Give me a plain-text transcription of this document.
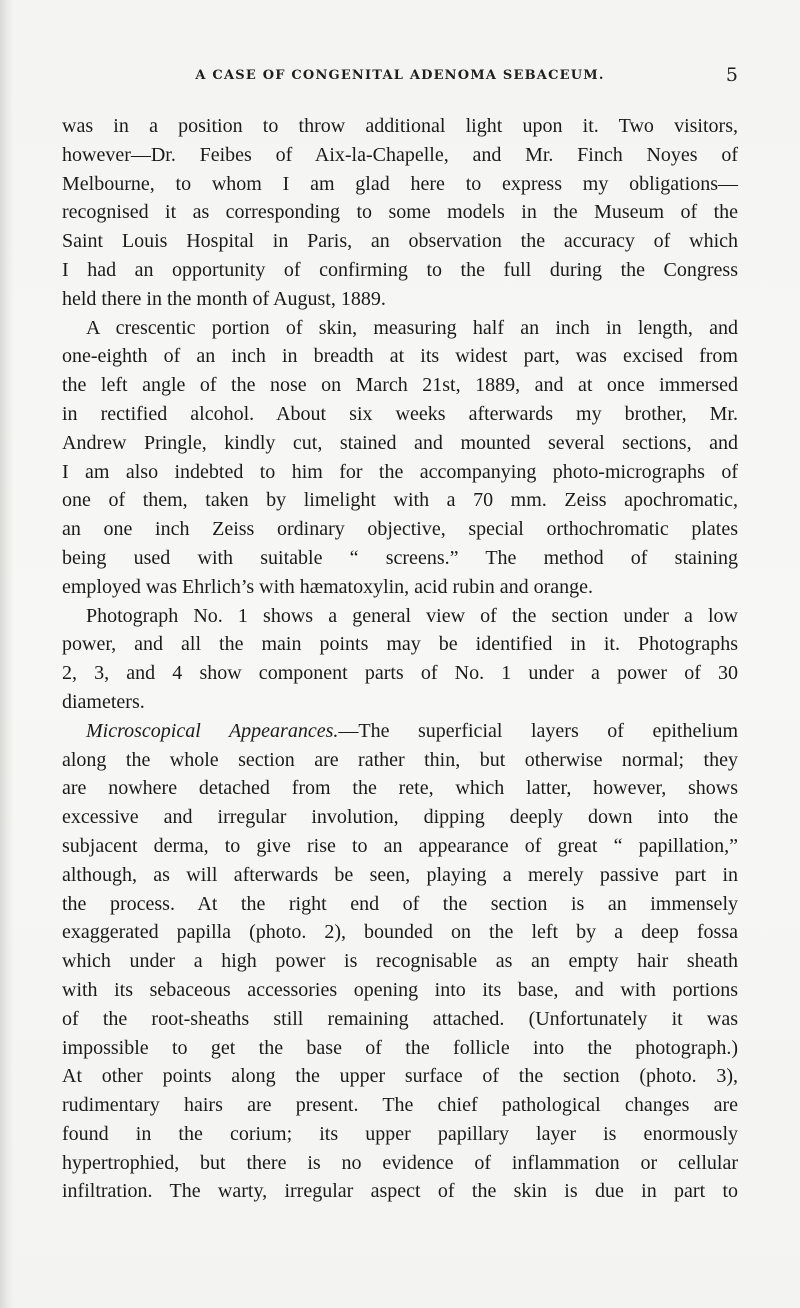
A CASE OF CONGENITAL ADENOMA SEBACEUM.	5
was in a position to throw additional light upon it. Two visitors,
however—Dr. Feibes of Aix-la-Chapelle, and Mr. Finch Noyes of
Melbourne, to whom I am glad here to express my obligations—
recognised it as corresponding to some models in the Museum of the
Saint Louis Hospital in Paris, an observation the accuracy of which
I had an opportunity of confirming to the full during the Congress
held there in the month of August, 1889.
A crescentic portion of skin, measuring half an inch in length, and
one-eighth of an inch in breadth at its widest part, was excised from
the left angle of the nose on March 21st, 1889, and at once immersed
in rectified alcohol. About six weeks afterwards my brother, Mr.
Andrew Pringle, kindly cut, stained and mounted several sections, and
I am also indebted to him for the accompanying photo-micrographs of
one of them, taken by limelight with a 70 mm. Zeiss apochromatic,
an one inch Zeiss ordinary objective, special orthochromatic plates
being used with suitable “ screens.” The method of staining
employed was Ehrlich’s with hæmatoxylin, acid rubin and orange.
Photograph No. 1 shows a general view of the section under a low
power, and all the main points may be identified in it. Photographs
2, 3, and 4 show component parts of No. 1 under a power of 30
diameters.
Microscopical Appearances.—The superficial layers of epithelium
along the whole section are rather thin, but otherwise normal; they
are nowhere detached from the rete, which latter, however, shows
excessive and irregular involution, dipping deeply down into the
subjacent derma, to give rise to an appearance of great “ papillation,”
although, as will afterwards be seen, playing a merely passive part in
the process. At the right end of the section is an immensely
exaggerated papilla (photo. 2), bounded on the left by a deep fossa
which under a high power is recognisable as an empty hair sheath
with its sebaceous accessories opening into its base, and with portions
of the root-sheaths still remaining attached. (Unfortunately it was
impossible to get the base of the follicle into the photograph.)
At other points along the upper surface of the section (photo. 3),
rudimentary hairs are present. The chief pathological changes are
found in the corium; its upper papillary layer is enormously
hypertrophied, but there is no evidence of inflammation or cellular
infiltration. The warty, irregular aspect of the skin is due in part to
